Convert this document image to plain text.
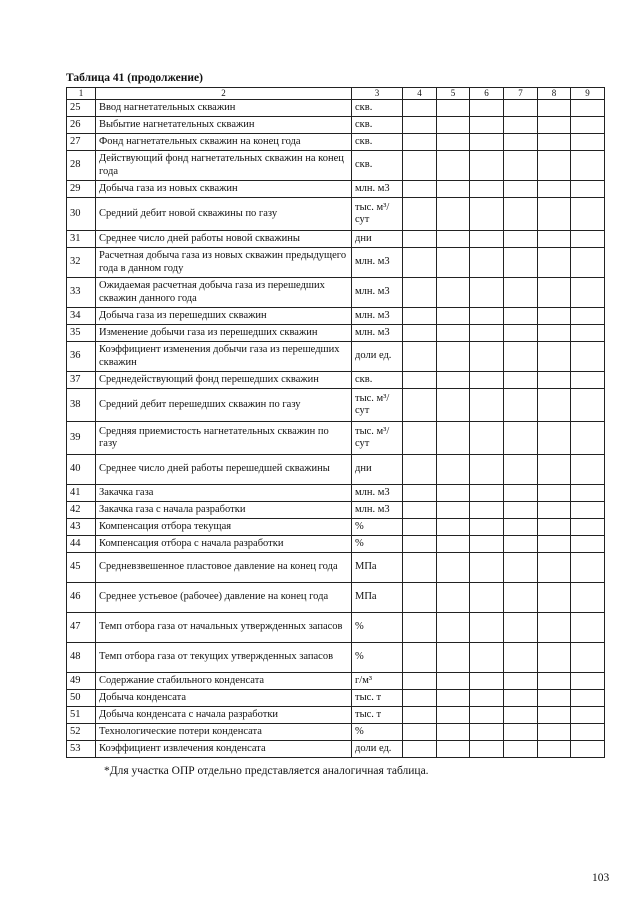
Таблица 41 (продолжение)
1	2	3	4	5	6	7	8	9
25	Ввод нагнетательных скважин	скв.						
26	Выбытие нагнетательных скважин	скв.						
27	Фонд нагнетательных скважин на конец года	скв.						
28	Действующий фонд нагнетательных скважин на конец года	скв.						
29	Добыча газа из новых скважин	млн. м3						
30	Средний дебит новой скважины по газу	тыс. м³/сут						
31	Среднее число дней работы новой скважины	дни						
32	Расчетная добыча газа из новых скважин предыдущего года в данном году	млн. м3						
33	Ожидаемая расчетная добыча газа из перешедших скважин данного года	млн. м3						
34	Добыча газа из перешедших скважин	млн. м3						
35	Изменение добычи газа из перешедших скважин	млн. м3						
36	Коэффициент изменения добычи газа из перешедших скважин	доли ед.						
37	Среднедействующий фонд перешедших скважин	скв.						
38	Средний дебит перешедших скважин по газу	тыс. м³/сут						
39	Средняя приемистость нагнетательных скважин по газу	тыс. м³/сут						
40	Среднее число дней работы перешедшей скважины	дни						
41	Закачка газа	млн. м3						
42	Закачка газа с начала разработки	млн. м3						
43	Компенсация отбора текущая	%						
44	Компенсация отбора с начала разработки	%						
45	Средневзвешенное пластовое давление на конец года	МПа						
46	Среднее устьевое (рабочее) давление на конец года	МПа						
47	Темп отбора газа от начальных утвержденных запасов	%						
48	Темп отбора газа от текущих утвержденных запасов	%						
49	Содержание стабильного конденсата	г/м³						
50	Добыча конденсата	тыс. т						
51	Добыча конденсата с начала разработки	тыс. т						
52	Технологические потери конденсата	%						
53	Коэффициент извлечения конденсата	доли ед.						
*Для участка ОПР отдельно представляется аналогичная таблица.
103
